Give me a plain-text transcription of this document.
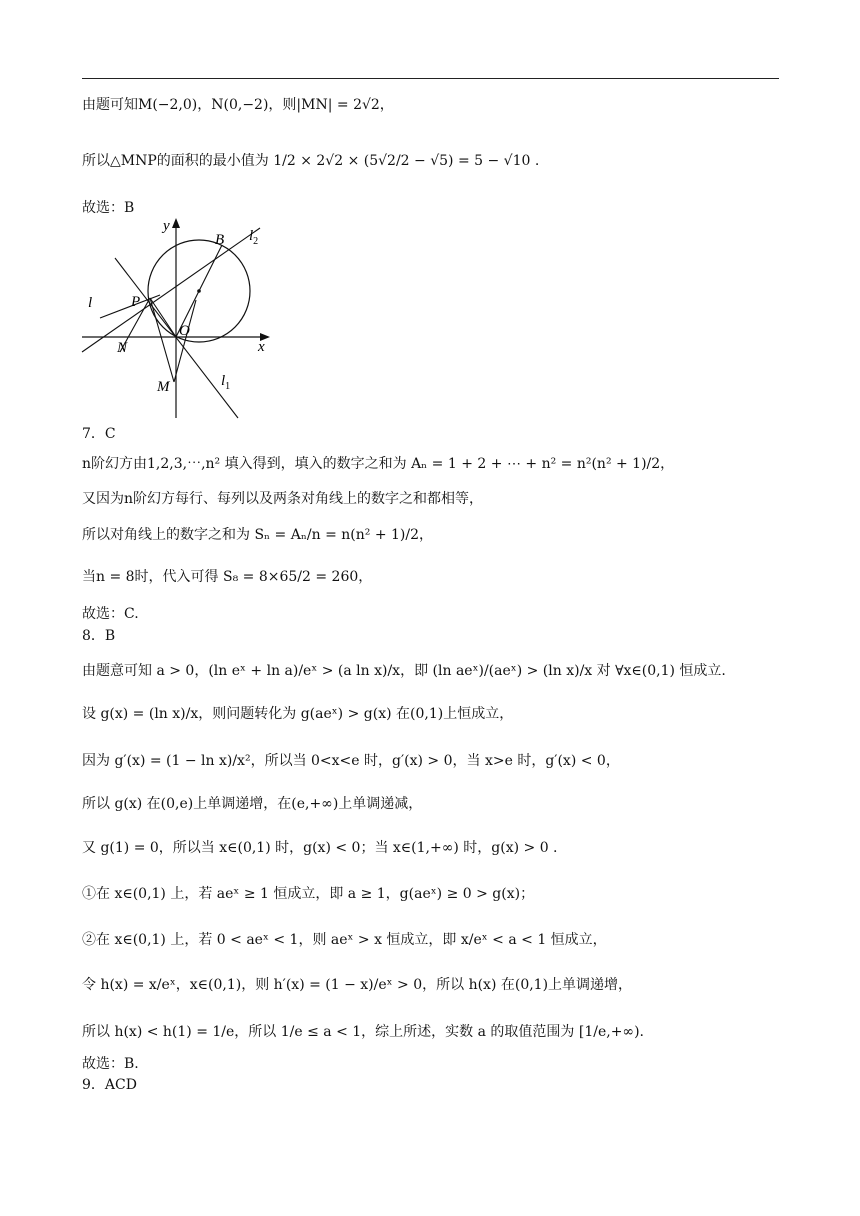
由题可知M(−2,0)，N(0,−2)，则|MN| = 2√2，
所以△MNP的面积的最小值为 1/2 × 2√2 × (5√2/2 − √5) = 5 − √10 .
故选：B
y
B $l_2$
l	P
O
N	x
M	$l_1$
7．C
n阶幻方由1,2,3,⋯,n² 填入得到，填入的数字之和为 Aₙ = 1 + 2 + ⋯ + n² = n²(n² + 1)/2，
又因为n阶幻方每行、每列以及两条对角线上的数字之和都相等，
所以对角线上的数字之和为 Sₙ = Aₙ/n = n(n² + 1)/2，
当n = 8时，代入可得 S₈ = 8×65/2 = 260，
故选：C.
8．B
由题意可知 a > 0，(ln eˣ + ln a)/eˣ > (a ln x)/x，即 (ln aeˣ)/(aeˣ) > (ln x)/x 对 ∀x∈(0,1) 恒成立.
设 g(x) = (ln x)/x，则问题转化为 g(aeˣ) > g(x) 在(0,1)上恒成立，
因为 g′(x) = (1 − ln x)/x²，所以当 0<x<e 时，g′(x) > 0，当 x>e 时，g′(x) < 0，
所以 g(x) 在(0,e)上单调递增，在(e,+∞)上单调递减，
又 g(1) = 0，所以当 x∈(0,1) 时，g(x) < 0；当 x∈(1,+∞) 时，g(x) > 0 .
①在 x∈(0,1) 上，若 aeˣ ≥ 1 恒成立，即 a ≥ 1，g(aeˣ) ≥ 0 > g(x)；
②在 x∈(0,1) 上，若 0 < aeˣ < 1，则 aeˣ > x 恒成立，即 x/eˣ < a < 1 恒成立，
令 h(x) = x/eˣ，x∈(0,1)，则 h′(x) = (1 − x)/eˣ > 0，所以 h(x) 在(0,1)上单调递增，
所以 h(x) < h(1) = 1/e，所以 1/e ≤ a < 1，综上所述，实数 a 的取值范围为 [1/e,+∞).
故选：B.
9．ACD
